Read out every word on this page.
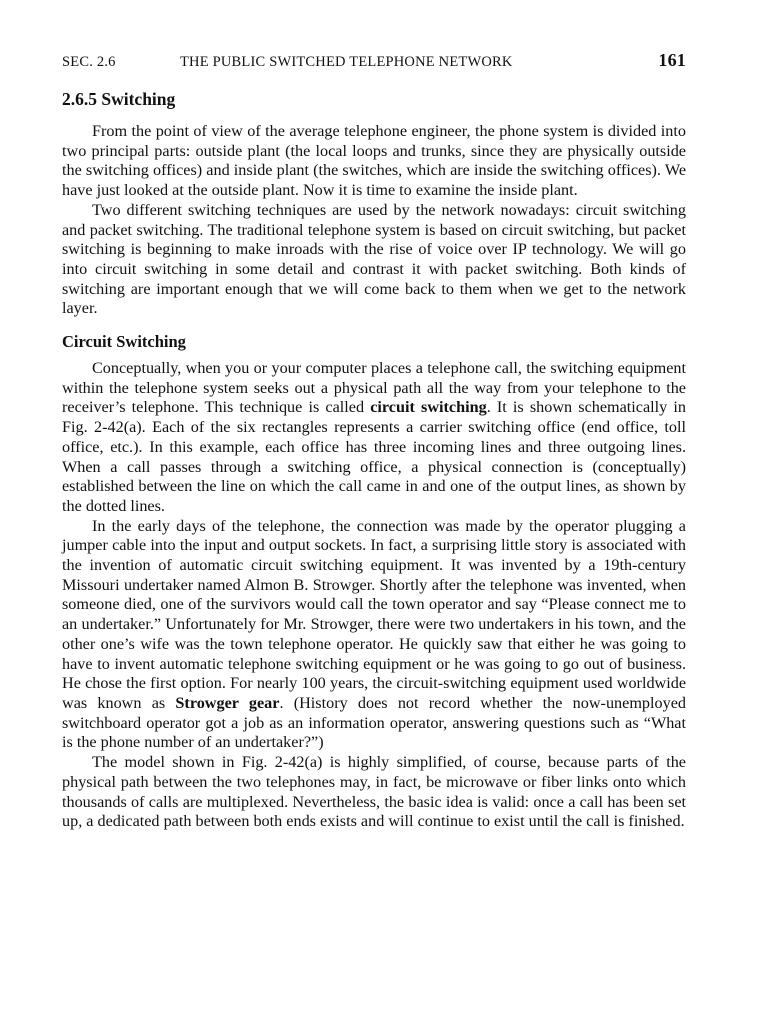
SEC. 2.6	THE PUBLIC SWITCHED TELEPHONE NETWORK	161
2.6.5 Switching

From the point of view of the average telephone engineer, the phone system is divided into two principal parts: outside plant (the local loops and trunks, since they are physically outside the switching offices) and inside plant (the switches, which are inside the switching offices). We have just looked at the outside plant. Now it is time to examine the inside plant.

Two different switching techniques are used by the network nowadays: circuit switching and packet switching. The traditional telephone system is based on circuit switching, but packet switching is beginning to make inroads with the rise of voice over IP technology. We will go into circuit switching in some detail and contrast it with packet switching. Both kinds of switching are important enough that we will come back to them when we get to the network layer.

Circuit Switching

Conceptually, when you or your computer places a telephone call, the switching equipment within the telephone system seeks out a physical path all the way from your telephone to the receiver’s telephone. This technique is called circuit switching. It is shown schematically in Fig. 2-42(a). Each of the six rectangles represents a carrier switching office (end office, toll office, etc.). In this example, each office has three incoming lines and three outgoing lines. When a call passes through a switching office, a physical connection is (conceptually) established between the line on which the call came in and one of the output lines, as shown by the dotted lines.

In the early days of the telephone, the connection was made by the operator plugging a jumper cable into the input and output sockets. In fact, a surprising little story is associated with the invention of automatic circuit switching equipment. It was invented by a 19th-century Missouri undertaker named Almon B. Strowger. Shortly after the telephone was invented, when someone died, one of the survivors would call the town operator and say “Please connect me to an undertaker.” Unfortunately for Mr. Strowger, there were two undertakers in his town, and the other one’s wife was the town telephone operator. He quickly saw that either he was going to have to invent automatic telephone switching equipment or he was going to go out of business. He chose the first option. For nearly 100 years, the circuit-switching equipment used worldwide was known as Strowger gear. (History does not record whether the now-unemployed switchboard operator got a job as an information operator, answering questions such as “What is the phone number of an undertaker?”)

The model shown in Fig. 2-42(a) is highly simplified, of course, because parts of the physical path between the two telephones may, in fact, be microwave or fiber links onto which thousands of calls are multiplexed. Nevertheless, the basic idea is valid: once a call has been set up, a dedicated path between both ends exists and will continue to exist until the call is finished.
